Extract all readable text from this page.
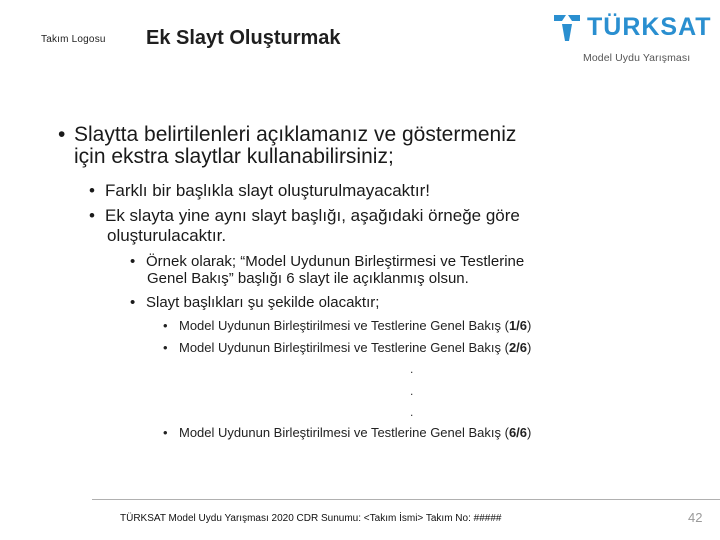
Takım Logosu Ek Slayt Oluşturmak	TÜRKSAT
Model Uydu Yarışması
• Slaytta belirtilenleri açıklamanız ve göstermeniz
için ekstra slaytlar kullanabilirsiniz;
• Farklı bir başlıkla slayt oluşturulmayacaktır!
• Ek slayta yine aynı slayt başlığı, aşağıdaki örneğe göre
oluşturulacaktır.
• Örnek olarak; “Model Uydunun Birleştirmesi ve Testlerine
Genel Bakış” başlığı 6 slayt ile açıklanmış olsun.
• Slayt başlıkları şu şekilde olacaktır;
• Model Uydunun Birleştirilmesi ve Testlerine Genel Bakış (1/6)
• Model Uydunun Birleştirilmesi ve Testlerine Genel Bakış (2/6)
.
.
.
• Model Uydunun Birleştirilmesi ve Testlerine Genel Bakış (6/6)
TÜRKSAT Model Uydu Yarışması 2020 CDR Sunumu: <Takım İsmi> Takım No: #####	42
